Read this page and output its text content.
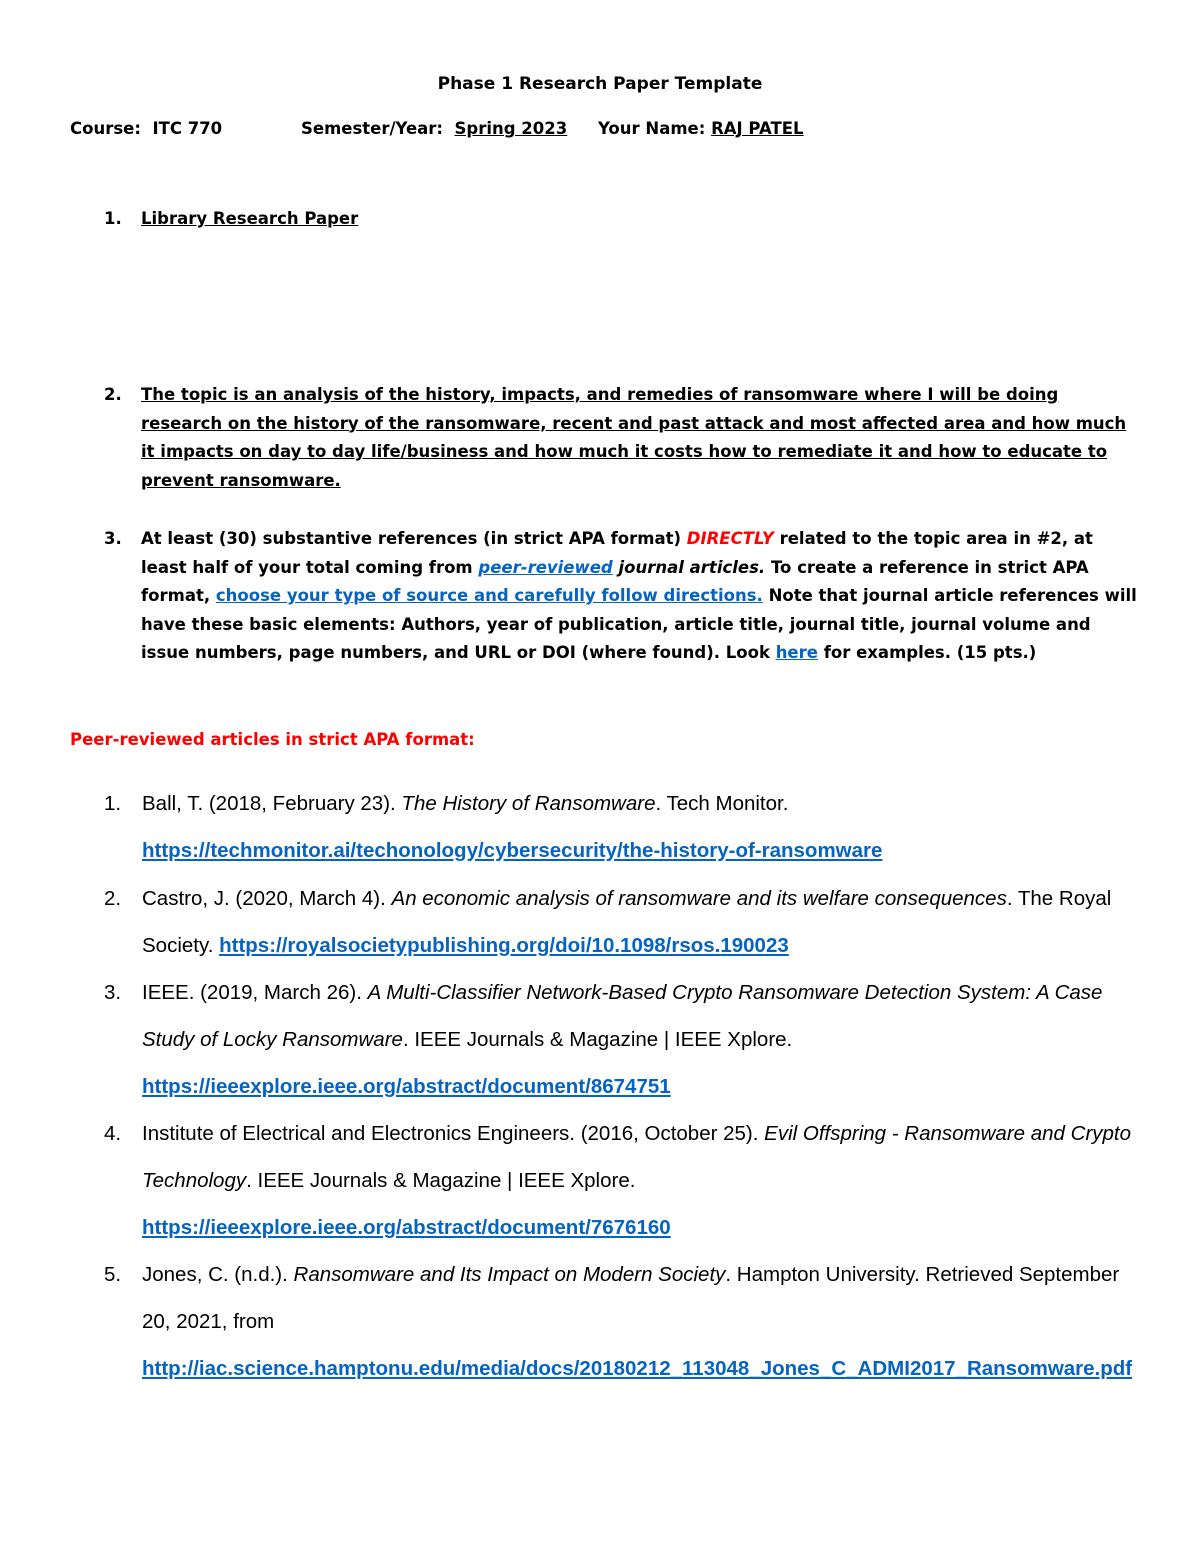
Phase 1 Research Paper Template
Course: ITC 770	Semester/Year: Spring 2023 Your Name: RAJ PATEL
1. Library Research Paper
2. The topic is an analysis of the history, impacts, and remedies of ransomware where I will be doing research on the history of the ransomware, recent and past attack and most affected area and how much it impacts on day to day life/business and how much it costs how to remediate it and how to educate to prevent ransomware.
3. At least (30) substantive references (in strict APA format) DIRECTLY related to the topic area in #2, at least half of your total coming from peer-reviewed journal articles. To create a reference in strict APA format, choose your type of source and carefully follow directions. Note that journal article references will have these basic elements: Authors, year of publication, article title, journal title, journal volume and issue numbers, page numbers, and URL or DOI (where found). Look here for examples. (15 pts.)
Peer-reviewed articles in strict APA format:
1. Ball, T. (2018, February 23). The History of Ransomware. Tech Monitor. https://techmonitor.ai/techonology/cybersecurity/the-history-of-ransomware
2. Castro, J. (2020, March 4). An economic analysis of ransomware and its welfare consequences. The Royal Society. https://royalsocietypublishing.org/doi/10.1098/rsos.190023
3. IEEE. (2019, March 26). A Multi-Classifier Network-Based Crypto Ransomware Detection System: A Case Study of Locky Ransomware. IEEE Journals & Magazine | IEEE Xplore.
https://ieeexplore.ieee.org/abstract/document/8674751
4. Institute of Electrical and Electronics Engineers. (2016, October 25). Evil Offspring - Ransomware and Crypto Technology. IEEE Journals & Magazine | IEEE Xplore.
https://ieeexplore.ieee.org/abstract/document/7676160
5. Jones, C. (n.d.). Ransomware and Its Impact on Modern Society. Hampton University. Retrieved September 20, 2021, from
http://iac.science.hamptonu.edu/media/docs/20180212_113048_Jones_C_ADMI2017_Ransomware.pdf
